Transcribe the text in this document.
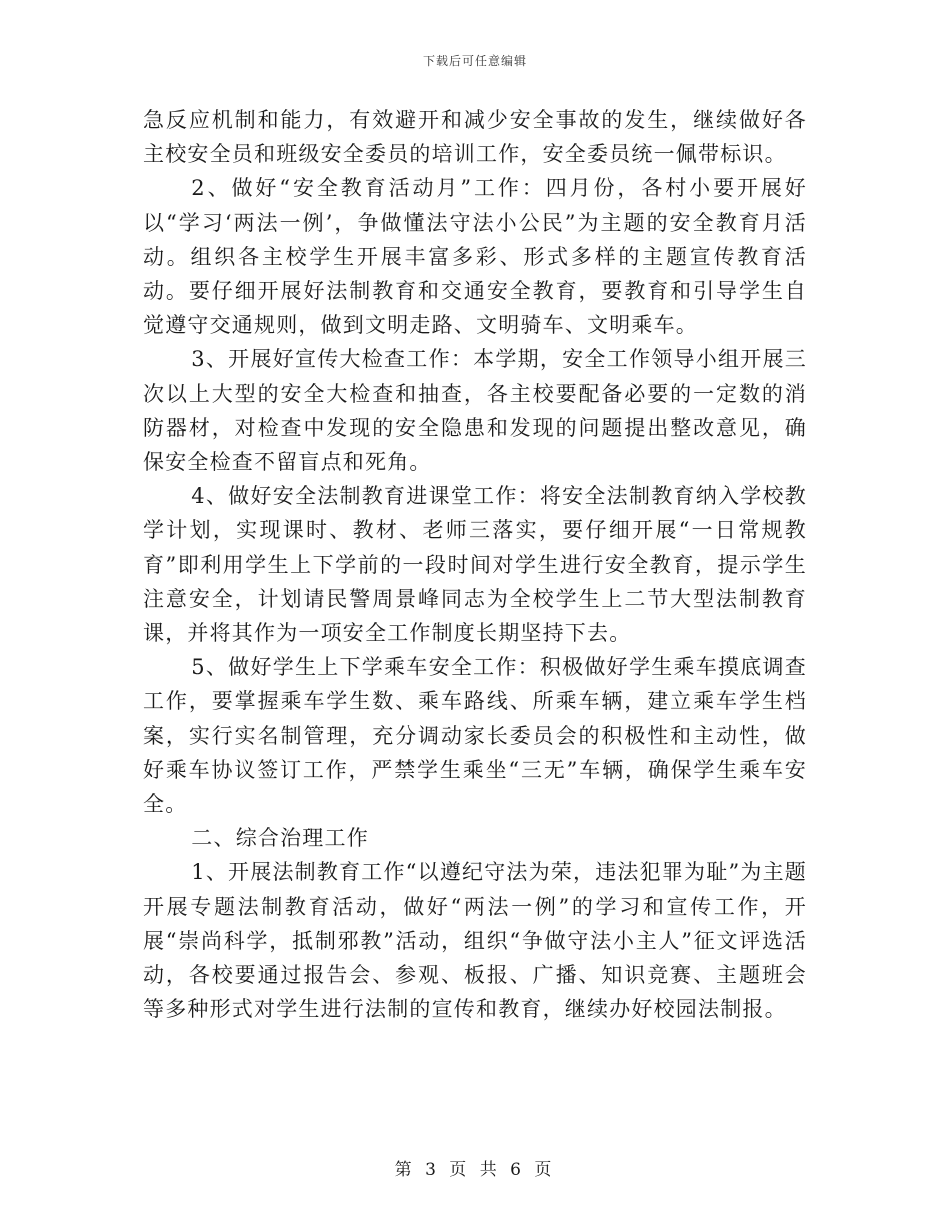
下载后可任意编辑

急反应机制和能力，有效避开和减少安全事故的发生，继续做好各主校安全员和班级安全委员的培训工作，安全委员统一佩带标识。

2、做好“安全教育活动月”工作：四月份，各村小要开展好以“学习‘两法一例’，争做懂法守法小公民”为主题的安全教育月活动。组织各主校学生开展丰富多彩、形式多样的主题宣传教育活动。要仔细开展好法制教育和交通安全教育，要教育和引导学生自觉遵守交通规则，做到文明走路、文明骑车、文明乘车。

3、开展好宣传大检查工作：本学期，安全工作领导小组开展三次以上大型的安全大检查和抽查，各主校要配备必要的一定数的消防器材，对检查中发现的安全隐患和发现的问题提出整改意见，确保安全检查不留盲点和死角。

4、做好安全法制教育进课堂工作：将安全法制教育纳入学校教学计划，实现课时、教材、老师三落实，要仔细开展“一日常规教育”即利用学生上下学前的一段时间对学生进行安全教育，提示学生注意安全，计划请民警周景峰同志为全校学生上二节大型法制教育课，并将其作为一项安全工作制度长期坚持下去。

5、做好学生上下学乘车安全工作：积极做好学生乘车摸底调查工作，要掌握乘车学生数、乘车路线、所乘车辆，建立乘车学生档案，实行实名制管理，充分调动家长委员会的积极性和主动性，做好乘车协议签订工作，严禁学生乘坐“三无”车辆，确保学生乘车安全。

二、综合治理工作

1、开展法制教育工作“以遵纪守法为荣，违法犯罪为耻”为主题开展专题法制教育活动，做好“两法一例”的学习和宣传工作，开展“崇尚科学，抵制邪教”活动，组织“争做守法小主人”征文评选活动，各校要通过报告会、参观、板报、广播、知识竞赛、主题班会等多种形式对学生进行法制的宣传和教育，继续办好校园法制报。

第 3 页 共 6 页
